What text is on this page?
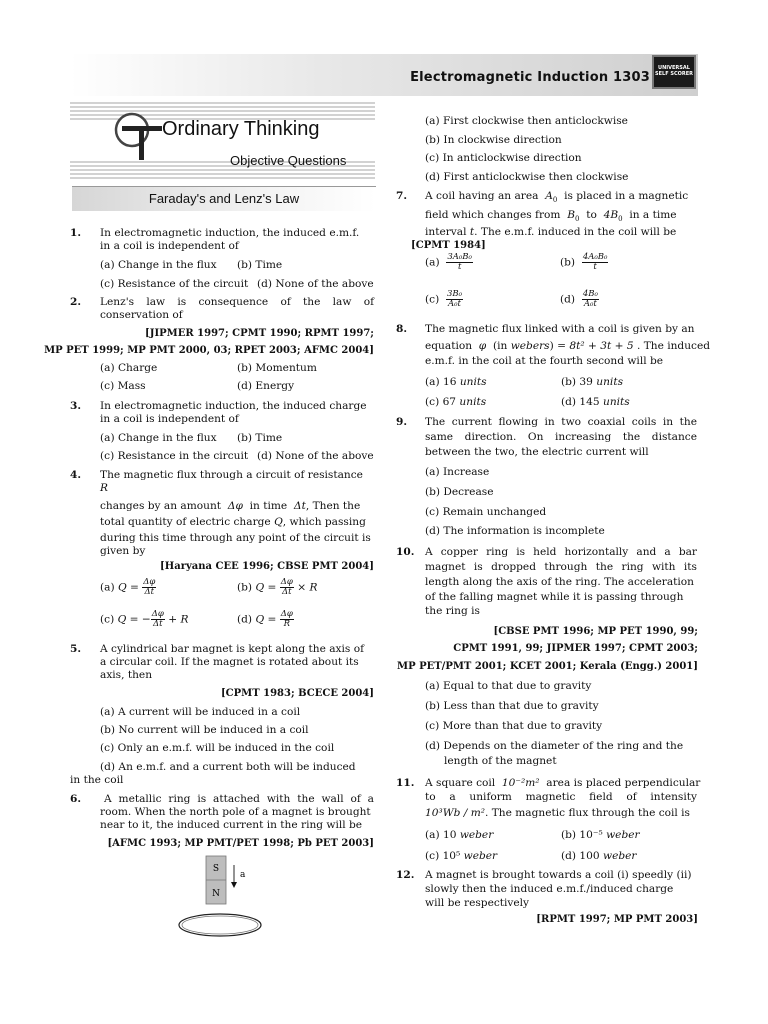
Electromagnetic Induction 1303
UNIVERSAL
SELF SCORER
Ordinary Thinking
Objective Questions
Faraday's and Lenz's Law
1. In electromagnetic induction, the induced e.m.f.
in a coil is independent of
(a) Change in the flux (b) Time
(c) Resistance of the circuit (d) None of the above
2. Lenz's law is consequence of the law of
conservation of
[JIPMER 1997; CPMT 1990; RPMT 1997;
MP PET 1999; MP PMT 2000, 03; RPET 2003; AFMC 2004]
(a) Charge	(b) Momentum
(c) Mass	(d) Energy
3. In electromagnetic induction, the induced charge
in a coil is independent of
(a) Change in the flux (b) Time
(c) Resistance in the circuit (d) None of the above
4. The magnetic flux through a circuit of resistance
R
changes by an amount Δφ in time Δt, Then the
total quantity of electric charge Q, which passing
during this time through any point of the circuit is
given by
[Haryana CEE 1996; CBSE PMT 2004]
(a) $Q = \frac{\Delta\varphi}{\Delta t}$	(b) $Q = \frac{\Delta\varphi}{\Delta t} \times R$
(c) Q = − $\frac{\Delta\varphi}{\Delta t} + R$	(d) $Q = \frac{\Delta\varphi}{R}$
5. A cylindrical bar magnet is kept along the axis of
a circular coil. If the magnet is rotated about its
axis, then
[CPMT 1983; BCECE 2004]
(a) A current will be induced in a coil
(b) No current will be induced in a coil
(c) Only an e.m.f. will be induced in the coil
(d) An e.m.f. and a current both will be induced
in the coil
6. A metallic ring is attached with the wall of a
room. When the north pole of a magnet is brought
near to it, the induced current in the ring will be
[AFMC 1993; MP PMT/PET 1998; Pb PET 2003]
S
N
a
(a) First clockwise then anticlockwise
(b) In clockwise direction
(c) In anticlockwise direction
(d) First anticlockwise then clockwise
7. A coil having an area $A_0$ is placed in a magnetic
field which changes from $B_0$ to $4B_0$ in a time
interval t. The e.m.f. induced in the coil will be
[CPMT 1984]
$(a) \frac{\text{3A₀B₀}}{t}$	$(b) \frac{\text{4A₀B₀}}{t}$
$(c) \frac{\text{3B₀}}{\text{A₀t}}$	$(d) \frac{\text{4B₀}}{\text{A₀t}}$
8. The magnetic flux linked with a coil is given by an
equation φ (in webers) = 8t² + 3t + 5 . The induced
e.m.f. in the coil at the fourth second will be
(a) 16 units	(b) 39 units
(c) 67 units	(d) 145 units
9. The current flowing in two coaxial coils in the
same direction. On increasing the distance
between the two, the electric current will
(a) Increase
(b) Decrease
(c) Remain unchanged
(d) The information is incomplete
10. A copper ring is held horizontally and a bar
magnet is dropped through the ring with its
length along the axis of the ring. The acceleration
of the falling magnet while it is passing through
the ring is
[CBSE PMT 1996; MP PET 1990, 99;
CPMT 1991, 99; JIPMER 1997; CPMT 2003;
MP PET/PMT 2001; KCET 2001; Kerala (Engg.) 2001]
(a) Equal to that due to gravity
(b) Less than that due to gravity
(c) More than that due to gravity
(d) Depends on the diameter of the ring and the
length of the magnet
11. A square coil 10⁻²m² area is placed perpendicular
to a uniform magnetic field of intensity
10³Wb / m². The magnetic flux through the coil is
(a) 10 weber	(b) 10⁻⁵ weber
(c) 10⁵ weber	(d) 100 weber
12. A magnet is brought towards a coil (i) speedly (ii)
slowly then the induced e.m.f./induced charge
will be respectively
[RPMT 1997; MP PMT 2003]
